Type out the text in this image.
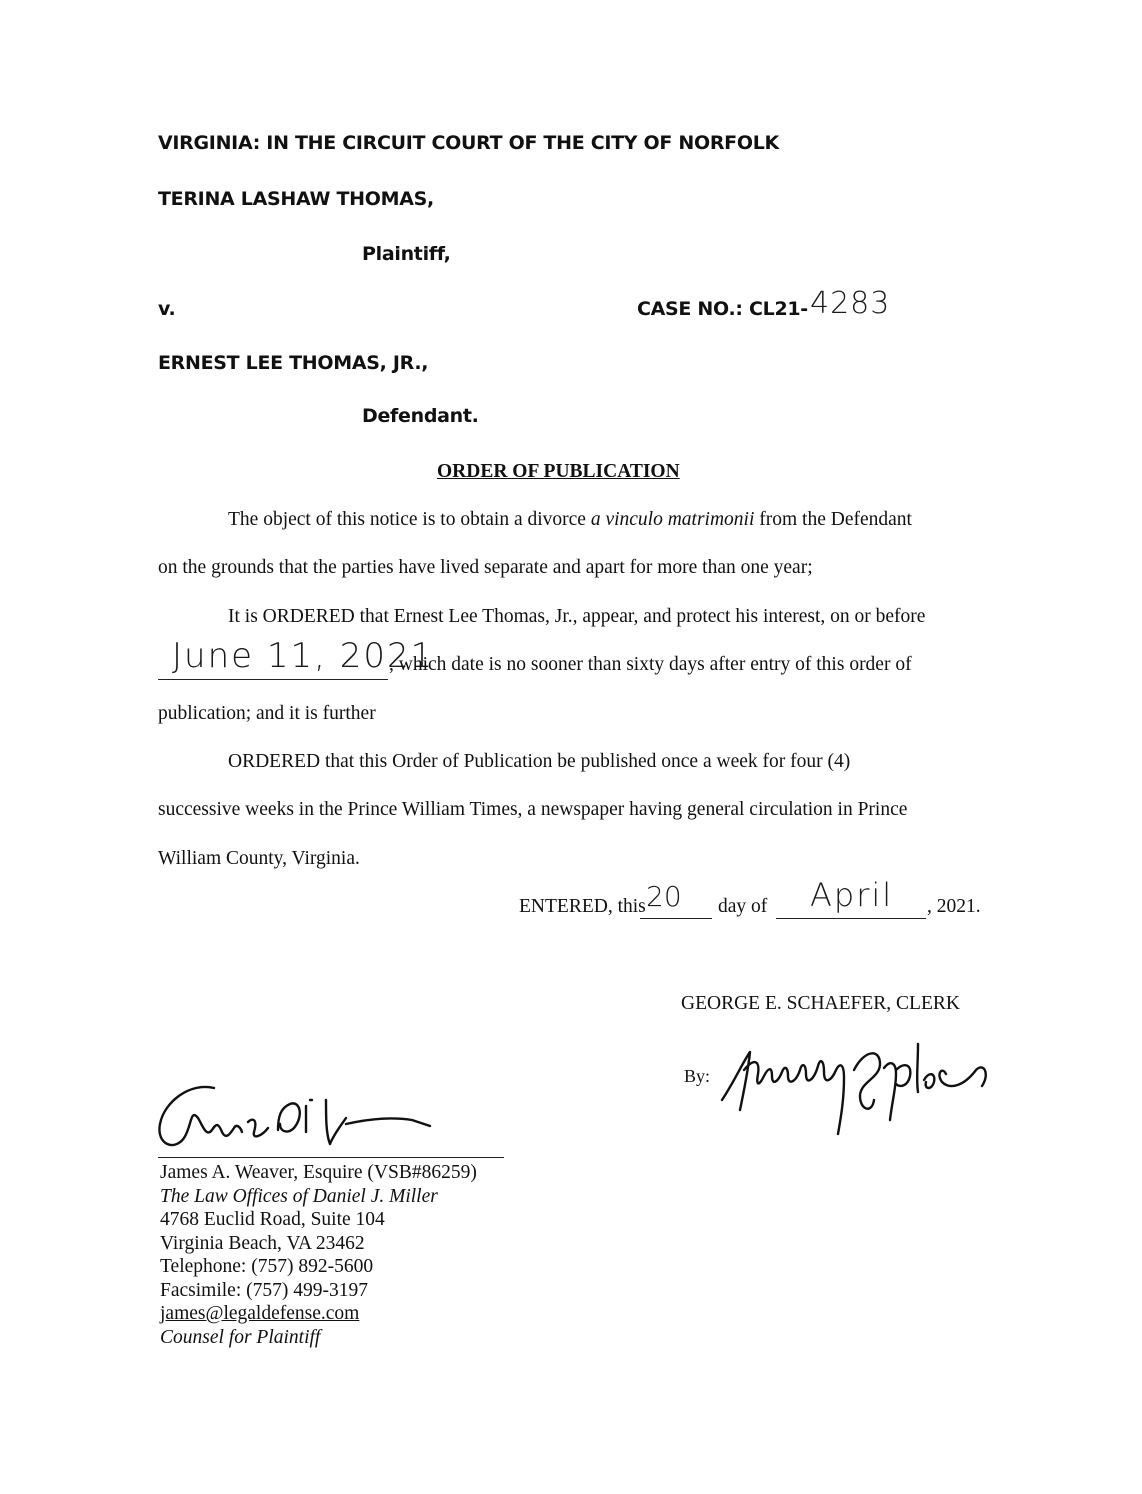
VIRGINIA: IN THE CIRCUIT COURT OF THE CITY OF NORFOLK
TERINA LASHAW THOMAS,
Plaintiff,
v.	CASE NO.: CL21- 4283
ERNEST LEE THOMAS, JR.,
Defendant.
ORDER OF PUBLICATION
The object of this notice is to obtain a divorce a vinculo matrimonii from the Defendant
on the grounds that the parties have lived separate and apart for more than one year;
It is ORDERED that Ernest Lee Thomas, Jr., appear, and protect his interest, on or before
June 11, 2021
, which date is no sooner than sixty days after entry of this order of
publication; and it is further
ORDERED that this Order of Publication be published once a week for four (4)
successive weeks in the Prince William Times, a newspaper having general circulation in Prince
William County, Virginia.
ENTERED, this 20 day of April , 2021.
GEORGE E. SCHAEFER, CLERK
By:
James A. Weaver, Esquire (VSB#86259)
The Law Offices of Daniel J. Miller
4768 Euclid Road, Suite 104
Virginia Beach, VA 23462
Telephone: (757) 892-5600
Facsimile: (757) 499-3197
james@legaldefense.com
Counsel for Plaintiff
